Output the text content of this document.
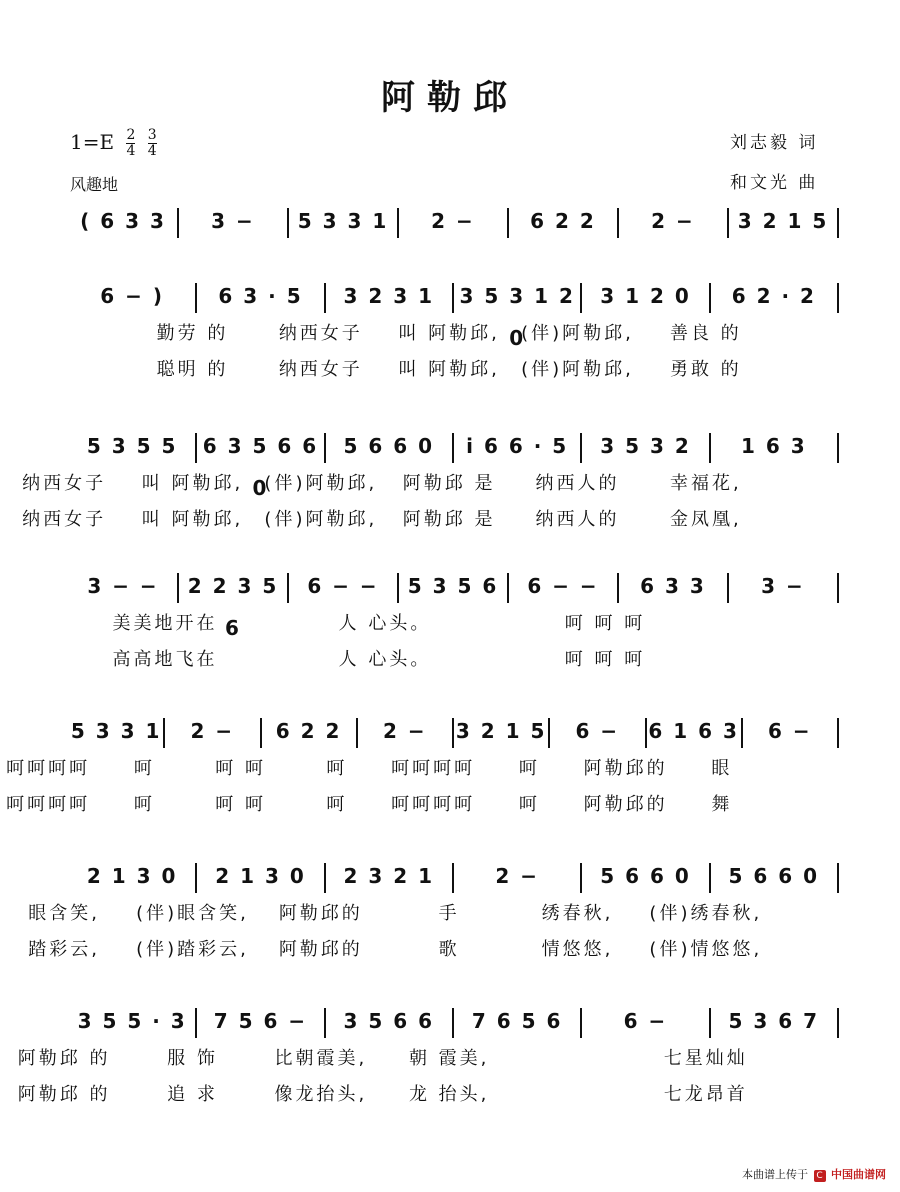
阿勒邱
$1=E \frac{2}{4}$
$\frac{3}{4}$
风趣地
刘志毅 词
和文光 曲
( 6 3 3	3 −	5 3 3 1	2 −	6 2 2	2 −	3 2 1 5
6 − )	6 3 · 5	3 2 3 1	3 5 3 1 2 0
3 1 2 0	6 2 · 2
勤劳 的	纳西女子	叫 阿勒邱,	(伴)阿勒邱,	善良 的
聪明 的	纳西女子	叫 阿勒邱,	(伴)阿勒邱,	勇敢 的
5 3 5 5	6 3 5 6 6 0
5 6 6 0	i 6 6 · 5	3 5 3 2	1 6 3
纳西女子	叫 阿勒邱,	(伴)阿勒邱,	阿勒邱 是	纳西人的	幸福花,
纳西女子	叫 阿勒邱,	(伴)阿勒邱,	阿勒邱 是	纳西人的	金凤凰,
3 − −	2 2 3 5 6
6 − −	5 3 5 6	6 − −	6 3 3	3 −
美美地开在	人 心头。	呵 呵 呵
高高地飞在	人 心头。	呵 呵 呵
5 3 3 1	2 −	6 2 2	2 −	3 2 1 5	6 −	6 1 6 3	6 −
呵呵呵呵	呵	呵 呵	呵	呵呵呵呵	呵	阿勒邱的	眼
呵呵呵呵	呵	呵 呵	呵	呵呵呵呵	呵	阿勒邱的	舞
2 1 3 0	2 1 3 0	2 3 2 1	2 −	5 6 6 0	5 6 6 0
眼含笑,	(伴)眼含笑,	阿勒邱的	手	绣春秋,	(伴)绣春秋,
踏彩云,	(伴)踏彩云,	阿勒邱的	歌	情悠悠,	(伴)情悠悠,
3 5 5 · 3	7 5 6 −	3 5 6 6	7 6 5 6	6 −	5 3 6 7
阿勒邱 的	服 饰	比朝霞美,	朝 霞美,	七星灿灿
阿勒邱 的	追 求	像龙抬头,	龙 抬头,	七龙昂首
本曲谱上传于 C 中国曲谱网
